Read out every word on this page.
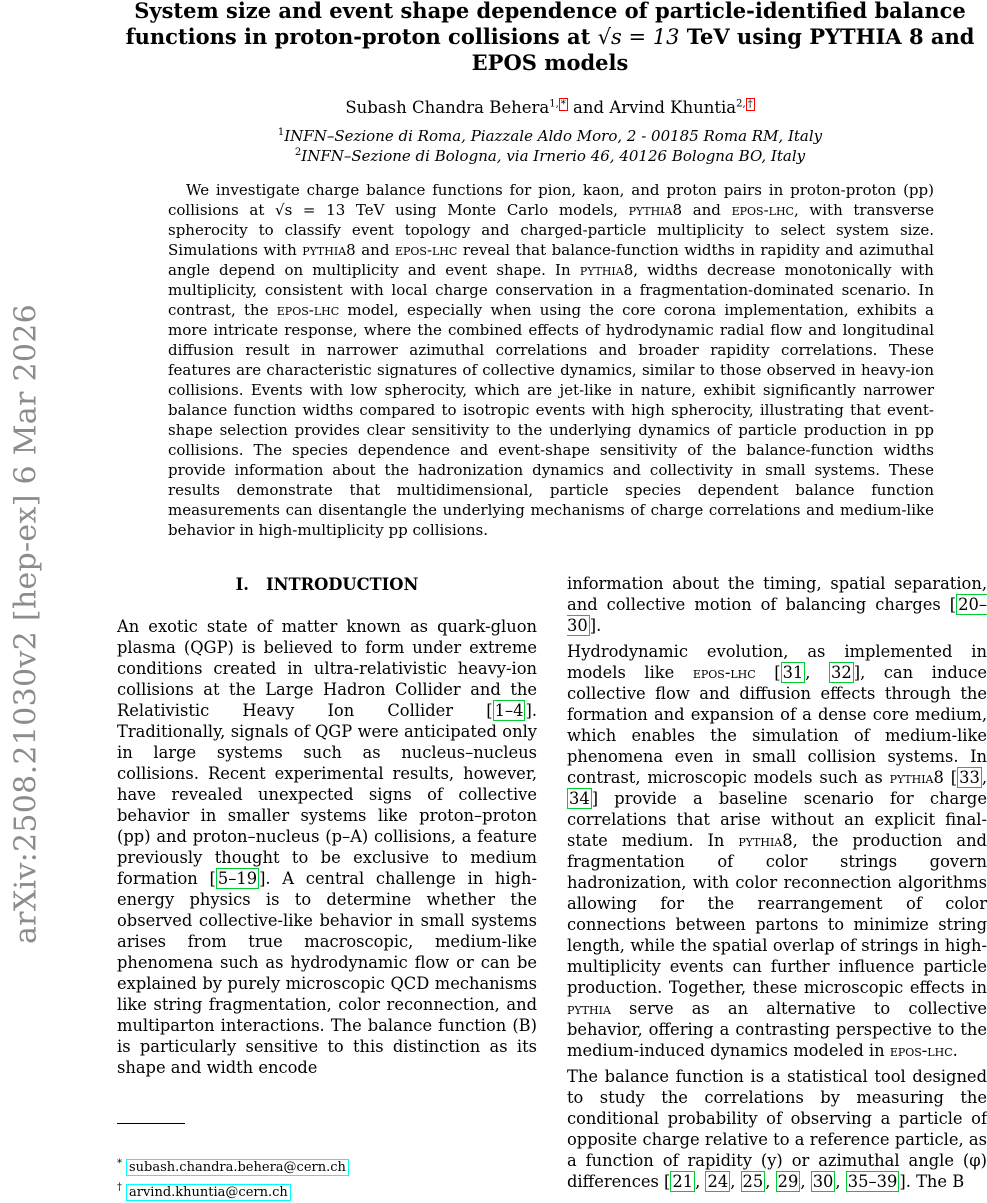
arXiv:2508.21030v2 [hep-ex] 6 Mar 2026
System size and event shape dependence of particle-identified balance
functions in proton-proton collisions at √s = 13 TeV using PYTHIA 8 and
EPOS models
Subash Chandra Behera$^{1,}$ * and Arvind Khuntia$^{2,}$ †
$^1$INFN–Sezione di Roma, Piazzale Aldo Moro, 2 - 00185 Roma RM, Italy
$^2$INFN–Sezione di Bologna, via Irnerio 46, 40126 Bologna BO, Italy

We investigate charge balance functions for pion, kaon, and proton pairs in proton-proton (pp) collisions at √s = 13 TeV using Monte Carlo models, pythia8 and epos-lhc, with transverse spherocity to classify event topology and charged-particle multiplicity to select system size. Simulations with pythia8 and epos-lhc reveal that balance-function widths in rapidity and azimuthal angle depend on multiplicity and event shape. In pythia8, widths decrease monotonically with multiplicity, consistent with local charge conservation in a fragmentation-dominated scenario. In contrast, the epos-lhc model, especially when using the core corona implementation, exhibits a more intricate response, where the combined effects of hydrodynamic radial flow and longitudinal diffusion result in narrower azimuthal correlations and broader rapidity correlations. These features are characteristic signatures of collective dynamics, similar to those observed in heavy-ion collisions. Events with low spherocity, which are jet-like in nature, exhibit significantly narrower balance function widths compared to isotropic events with high spherocity, illustrating that event-shape selection provides clear sensitivity to the underlying dynamics of particle production in pp collisions. The species dependence and event-shape sensitivity of the balance-function widths provide information about the hadronization dynamics and collectivity in small systems. These results demonstrate that multidimensional, particle species dependent balance function measurements can disentangle the underlying mechanisms of charge correlations and medium-like behavior in high-multiplicity pp collisions.

I. INTRODUCTION

An exotic state of matter known as quark-gluon plasma (QGP) is believed to form under extreme conditions created in ultra-relativistic heavy-ion collisions at the Large Hadron Collider and the Relativistic Heavy Ion Collider [ 1–4 ]. Traditionally, signals of QGP were anticipated only in large systems such as nucleus–nucleus collisions. Recent experimental results, however, have revealed unexpected signs of collective behavior in smaller systems like proton–proton (pp) and proton–nucleus (p–A) collisions, a feature previously thought to be exclusive to medium formation [ 5–19 ]. A central challenge in high-energy physics is to determine whether the observed collective-like behavior in small systems arises from true macroscopic, medium-like phenomena such as hydrodynamic flow or can be explained by purely microscopic QCD mechanisms like string fragmentation, color reconnection, and multiparton interactions. The balance function (B) is particularly sensitive to this distinction as its shape and width encode

information about the timing, spatial separation, and collective motion of balancing charges [ 20–30 ].

Hydrodynamic evolution, as implemented in models like epos-lhc [ 31 , 32 ], can induce collective flow and diffusion effects through the formation and expansion of a dense core medium, which enables the simulation of medium-like phenomena even in small collision systems. In contrast, microscopic models such as pythia8 [ 33 , 34 ] provide a baseline scenario for charge correlations that arise without an explicit final-state medium. In pythia8, the production and fragmentation of color strings govern hadronization, with color reconnection algorithms allowing for the rearrangement of color connections between partons to minimize string length, while the spatial overlap of strings in high-multiplicity events can further influence particle production. Together, these microscopic effects in pythia serve as an alternative to collective behavior, offering a contrasting perspective to the medium-induced dynamics modeled in epos-lhc.

The balance function is a statistical tool designed to study the correlations by measuring the conditional probability of observing a particle of opposite charge relative to a reference particle, as a function of rapidity (y) or azimuthal angle (φ) differences [ 21 , 24 , 25 , 29 , 30 , 35–39 ]. The B

* subash.chandra.behera@cern.ch
† arvind.khuntia@cern.ch
